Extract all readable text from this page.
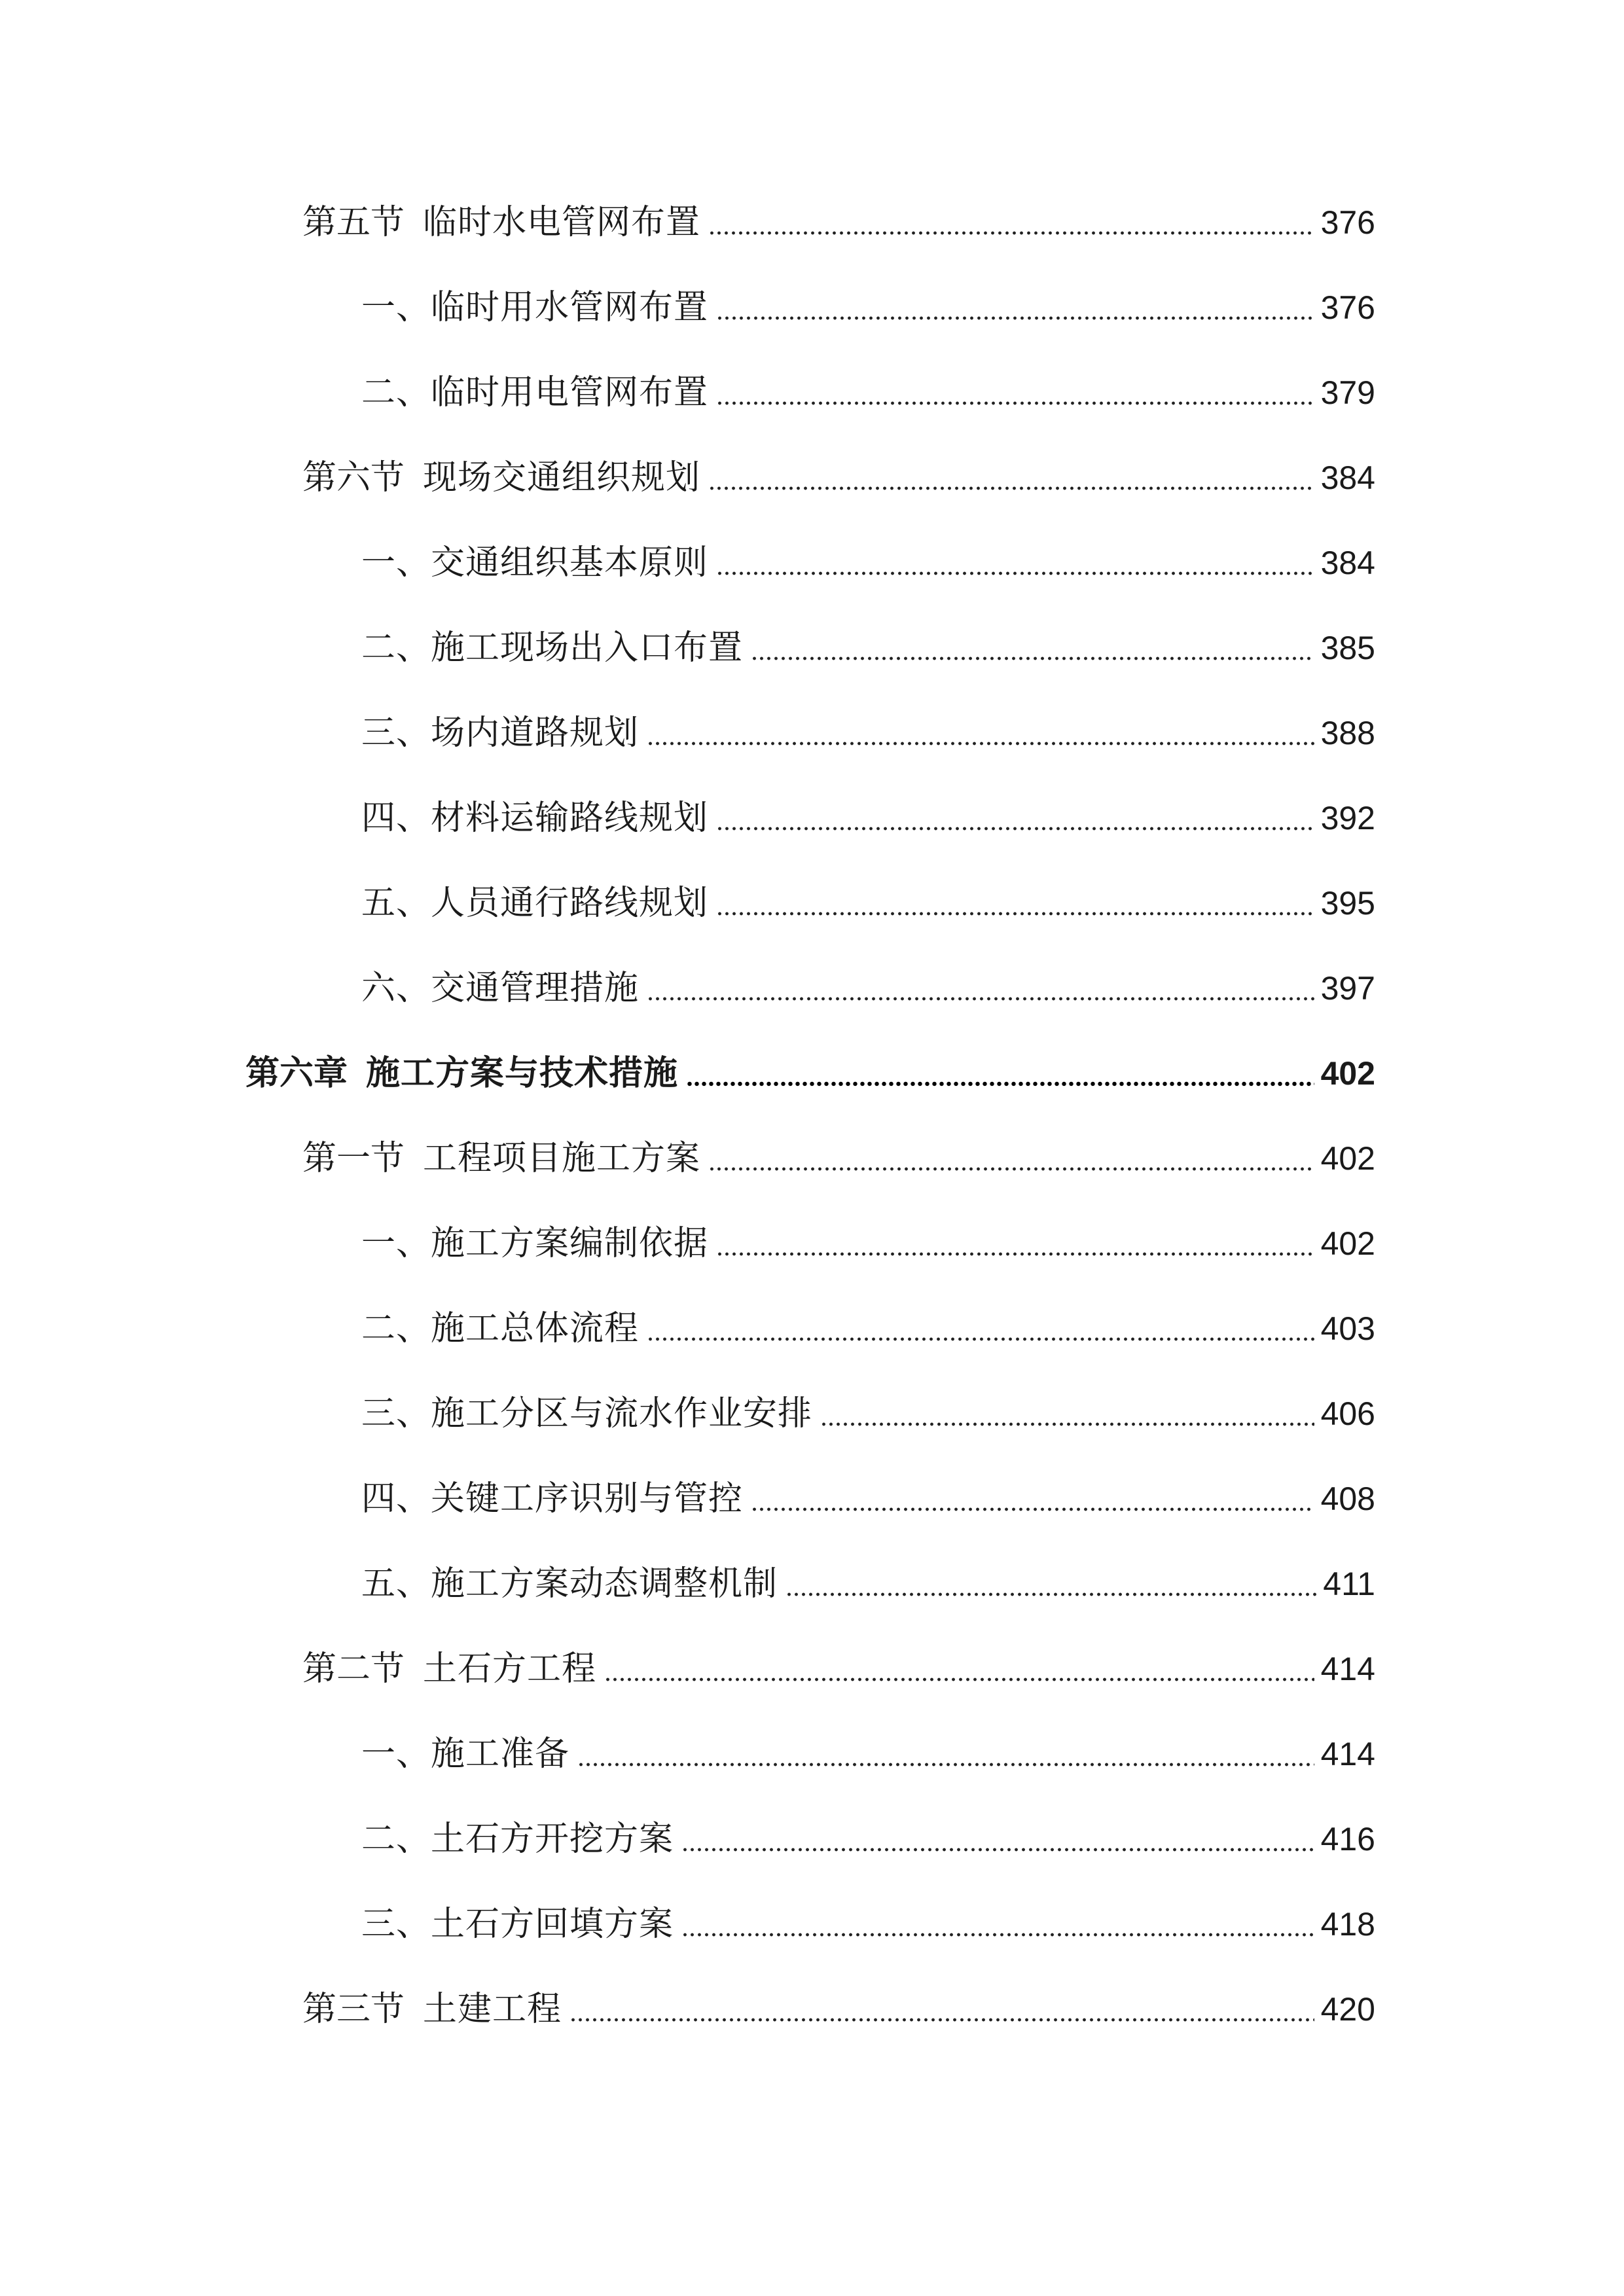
第五节 临时水电管网布置	376
一、临时用水管网布置	376
二、临时用电管网布置	379
第六节 现场交通组织规划	384
一、交通组织基本原则	384
二、施工现场出入口布置	385
三、场内道路规划	388
四、材料运输路线规划	392
五、人员通行路线规划	395
六、交通管理措施	397
第六章 施工方案与技术措施	402
第一节 工程项目施工方案	402
一、施工方案编制依据	402
二、施工总体流程	403
三、施工分区与流水作业安排	406
四、关键工序识别与管控	408
五、施工方案动态调整机制	411
第二节 土石方工程	414
一、施工准备	414
二、土石方开挖方案	416
三、土石方回填方案	418
第三节 土建工程	420
